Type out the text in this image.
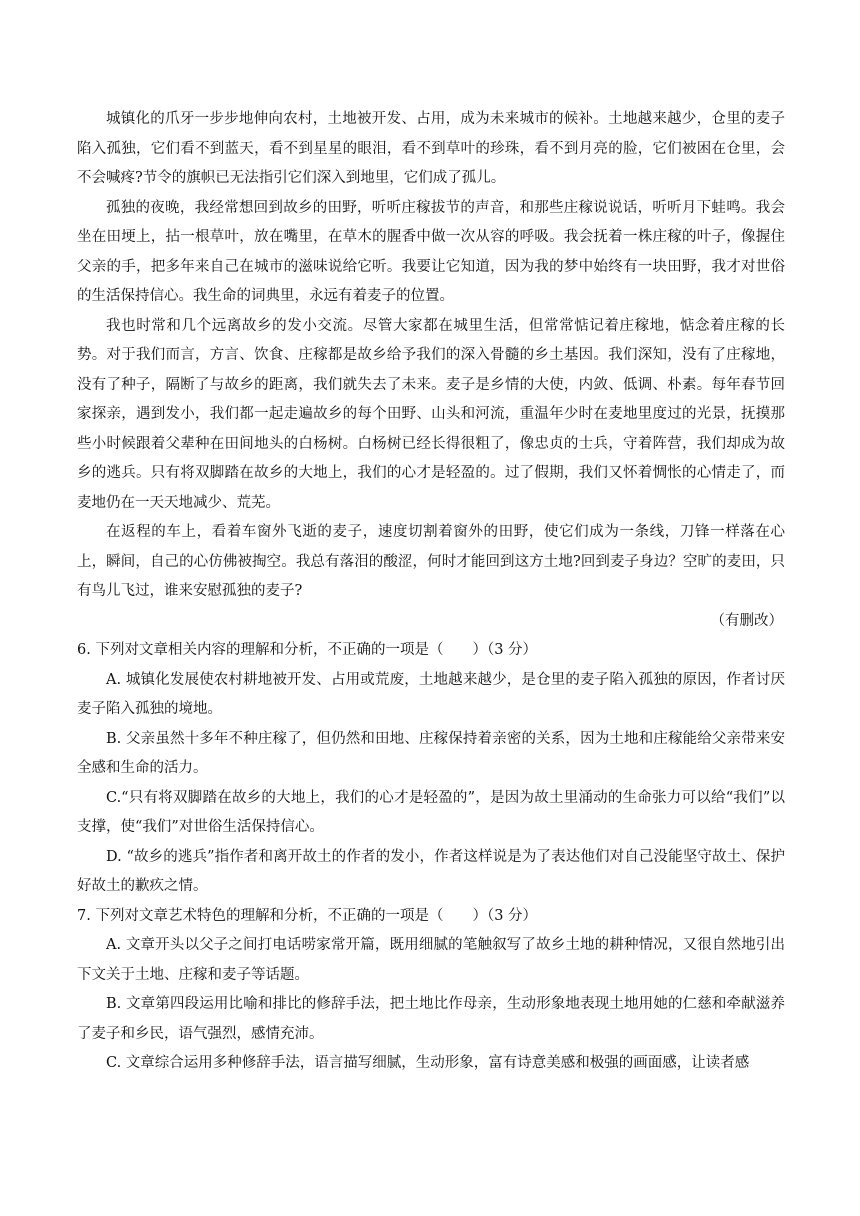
城镇化的爪牙一步步地伸向农村，土地被开发、占用，成为未来城市的候补。土地越来越少，仓里的麦子陷入孤独，它们看不到蓝天，看不到星星的眼泪，看不到草叶的珍珠，看不到月亮的脸，它们被困在仓里，会不会喊疼?节令的旗帜已无法指引它们深入到地里，它们成了孤儿。

孤独的夜晚，我经常想回到故乡的田野，听听庄稼拔节的声音，和那些庄稼说说话，听听月下蛙鸣。我会坐在田埂上，拈一根草叶，放在嘴里，在草木的腥香中做一次从容的呼吸。我会抚着一株庄稼的叶子，像握住父亲的手，把多年来自己在城市的滋味说给它听。我要让它知道，因为我的梦中始终有一块田野，我才对世俗的生活保持信心。我生命的词典里，永远有着麦子的位置。

我也时常和几个远离故乡的发小交流。尽管大家都在城里生活，但常常惦记着庄稼地，惦念着庄稼的长势。对于我们而言，方言、饮食、庄稼都是故乡给予我们的深入骨髓的乡土基因。我们深知，没有了庄稼地，没有了种子，隔断了与故乡的距离，我们就失去了未来。麦子是乡情的大使，内敛、低调、朴素。每年春节回家探亲，遇到发小，我们都一起走遍故乡的每个田野、山头和河流，重温年少时在麦地里度过的光景，抚摸那些小时候跟着父辈种在田间地头的白杨树。白杨树已经长得很粗了，像忠贞的士兵，守着阵营，我们却成为故乡的逃兵。只有将双脚踏在故乡的大地上，我们的心才是轻盈的。过了假期，我们又怀着惆怅的心情走了，而麦地仍在一天天地减少、荒芜。

在返程的车上，看着车窗外飞逝的麦子，速度切割着窗外的田野，使它们成为一条线，刀锋一样落在心上，瞬间，自己的心仿佛被掏空。我总有落泪的酸涩，何时才能回到这方土地?回到麦子身边？空旷的麦田，只有鸟儿飞过，谁来安慰孤独的麦子?

（有删改）

6. 下列对文章相关内容的理解和分析，不正确的一项是（　　）（3 分）

A. 城镇化发展使农村耕地被开发、占用或荒废，土地越来越少，是仓里的麦子陷入孤独的原因，作者讨厌麦子陷入孤独的境地。

B. 父亲虽然十多年不种庄稼了，但仍然和田地、庄稼保持着亲密的关系，因为土地和庄稼能给父亲带来安全感和生命的活力。

C.“只有将双脚踏在故乡的大地上，我们的心才是轻盈的”，是因为故土里涌动的生命张力可以给“我们”以支撑，使“我们”对世俗生活保持信心。

D. “故乡的逃兵”指作者和离开故土的作者的发小，作者这样说是为了表达他们对自己没能坚守故土、保护好故土的歉疚之情。

7. 下列对文章艺术特色的理解和分析，不正确的一项是（　　）（3 分）

A. 文章开头以父子之间打电话唠家常开篇，既用细腻的笔触叙写了故乡土地的耕种情况，又很自然地引出下文关于土地、庄稼和麦子等话题。

B. 文章第四段运用比喻和排比的修辞手法，把土地比作母亲，生动形象地表现土地用她的仁慈和牵献滋养了麦子和乡民，语气强烈，感情充沛。

C. 文章综合运用多种修辞手法，语言描写细腻，生动形象，富有诗意美感和极强的画面感，让读者感
